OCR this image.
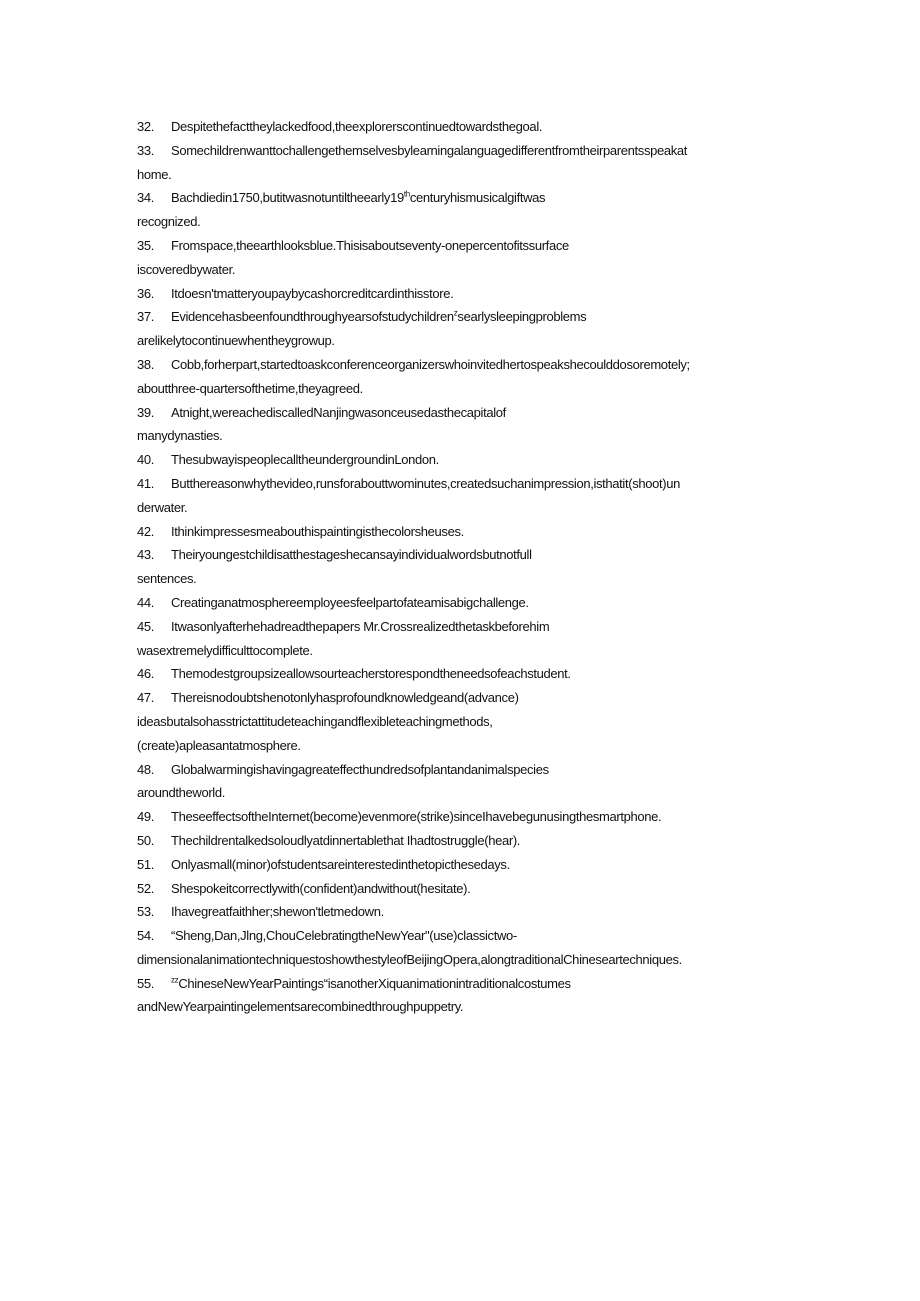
32. Despitethefacttheylackedfood,theexplorerscontinuedtowardsthegoal.
33. Somechildrenwanttochallengethemselvesbylearningalanguagedifferentfromtheirparentsspeakat
home.
34. Bachdiedin1750,butitwasnotuntiltheearly19thcenturyhismusicalgiftwas
recognized.
35. Fromspace,theearthlooksblue.Thisisaboutseventy-onepercentofitssurface
iscoveredbywater.
36. Itdoesn'tmatteryoupaybycashorcreditcardinthisstore.
37. Evidencehasbeenfoundthroughyearsofstudychildren$^z$searlysleepingproblems
arelikelytocontinuewhentheygrowup.
38. Cobb,forherpart,startedtoaskconferenceorganizerswhoinvitedhertospeakshecoulddosoremotely;
aboutthree-quartersofthetime,theyagreed.
39. Atnight,wereachediscalledNanjingwasonceusedasthecapitalof
manydynasties.
40. ThesubwayispeoplecalltheundergroundinLondon.
41. Butthereasonwhythevideo,runsforabouttwominutes,createdsuchanimpression,isthatit(shoot)un
derwater.
42. Ithinkimpressesmeabouthispaintingisthecolorsheuses.
43. Theiryoungestchildisatthestageshecansayindividualwordsbutnotfull
sentences.
44. Creatinganatmosphereemployeesfeelpartofateamisabigchallenge.
45. Itwasonlyafterhehadreadthepapers Mr.Crossrealizedthetaskbeforehim
wasextremelydifficulttocomplete.
46. Themodestgroupsizeallowsourteacherstorespondtheneedsofeachstudent.
47. Thereisnodoubtshenotonlyhasprofoundknowledgeand(advance)
ideasbutalsohasstrictattitudeteachingandflexibleteachingmethods,
(create)apleasantatmosphere.
48. Globalwarmingishavingagreateffecthundredsofplantandanimalspecies
aroundtheworld.
49. TheseeffectsoftheInternet(become)evenmore(strike)sinceIhavebegunusingthesmartphone.
50. Thechildrentalkedsoloudlyatdinnertablethat Ihadtostruggle(hear).
51. Onlyasmall(minor)ofstudentsareinterestedinthetopicthesedays.
52. Shespokeitcorrectlywith(confident)andwithout(hesitate).
53. Ihavegreatfaithher;shewon'tletmedown.
54. “Sheng,Dan,Jlng,ChouCelebratingtheNewYear"(use)classictwo-
dimensionalanimationtechniquestoshowthestyleofBeijingOpera,alongtraditionalChineseartechniques.
55. $^{zz}$ChineseNewYearPaintings“isanotherXiquanimationintraditionalcostumes
andNewYearpaintingelementsarecombinedthroughpuppetry.
